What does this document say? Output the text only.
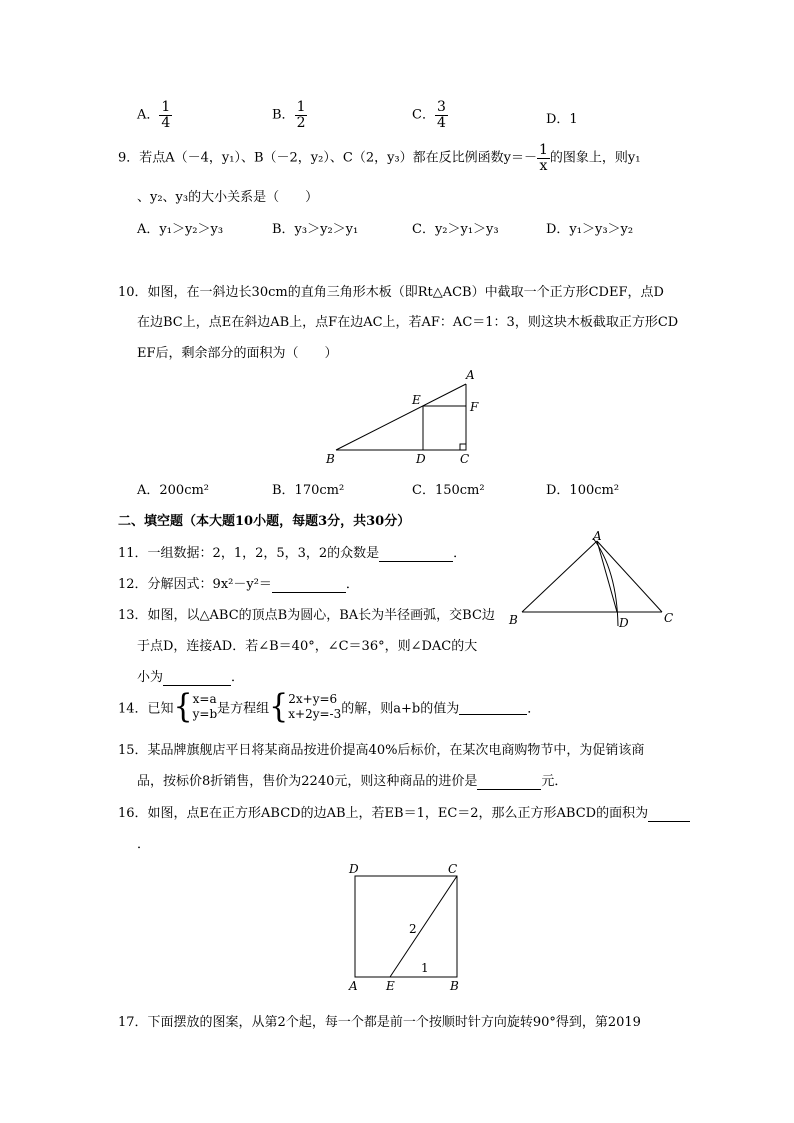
A． $\frac{1}{4}$	B． $\frac{1}{2}$	C． $\frac{3}{4}$	D．1
9．若点A（－4，y₁）、B（－2，y₂）、C（2，y₃）都在反比例函数$y=- \frac{1}{x}$ 的图象上，则y₁
、y₂、y₃的大小关系是（　　）
A．y₁＞y₂＞y₃	B．y₃＞y₂＞y₁	C．y₂＞y₁＞y₃	D．y₁＞y₃＞y₂
10．如图，在一斜边长30cm的直角三角形木板（即Rt△ACB）中截取一个正方形CDEF，点D
在边BC上，点E在斜边AB上，点F在边AC上，若AF：AC＝1：3，则这块木板截取正方形CD
EF后，剩余部分的面积为（　　）
A
B	C
D
E	F
A．200cm²	B．170cm²	C．150cm²	D．100cm²
二、填空题（本大题10小题，每题3分，共30分）
11．一组数据：2，1，2，5，3，2的众数是	．
12．分解因式：9x²－y²＝	．
13．如图，以△ABC的顶点B为圆心，BA长为半径画弧，交BC边
于点D，连接AD．若∠B＝40°，∠C＝36°，则∠DAC的大
小为	．
A
B	C
D
14．已知{ x=a
y=b 是方程组{ 2x+y=6
x+2y=-3 的解，则a+b的值为	．
15．某品牌旗舰店平日将某商品按进价提高40%后标价，在某次电商购物节中，为促销该商
品，按标价8折销售，售价为2240元，则这种商品的进价是	元．
16．如图，点E在正方形ABCD的边AB上，若EB＝1，EC＝2，那么正方形ABCD的面积为
．
D	C
A E	B
2
1
17．下面摆放的图案，从第2个起，每一个都是前一个按顺时针方向旋转90°得到，第2019
